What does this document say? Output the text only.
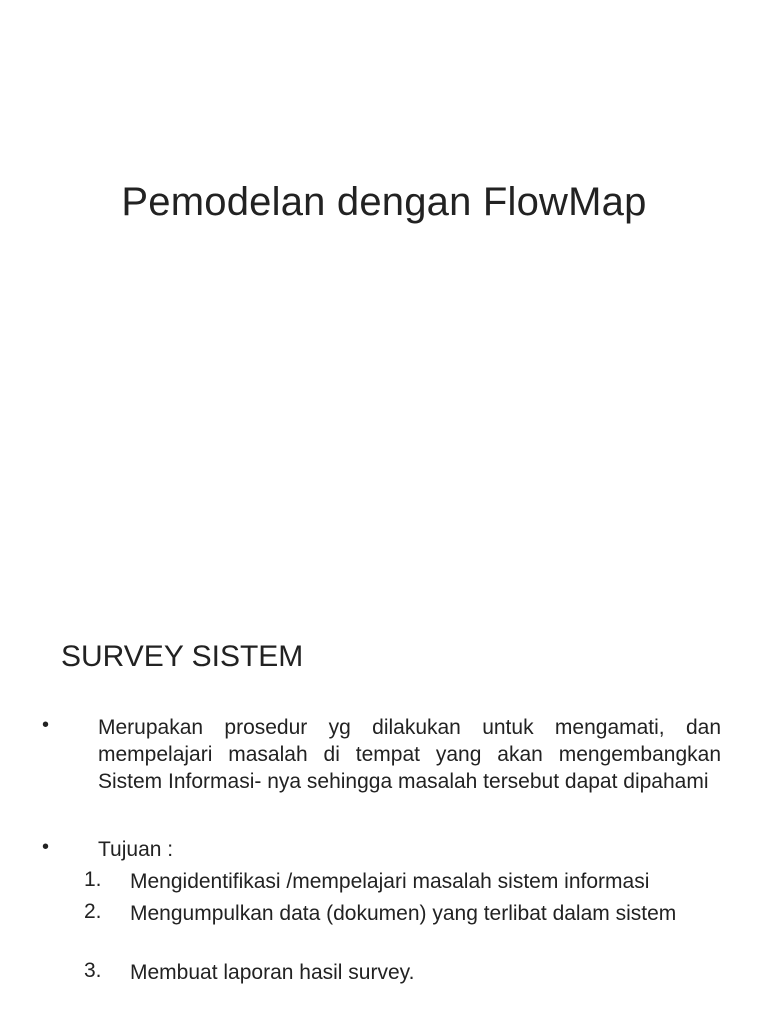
Pemodelan dengan FlowMap
SURVEY SISTEM
• Merupakan prosedur yg dilakukan untuk mengamati, dan mempelajari masalah di tempat yang akan mengembangkan Sistem Informasi- nya sehingga masalah tersebut dapat dipahami

• Tujuan :

1. Mengidentifikasi /mempelajari masalah sistem informasi

2. Mengumpulkan data (dokumen) yang terlibat dalam sistem

3. Membuat laporan hasil survey.
